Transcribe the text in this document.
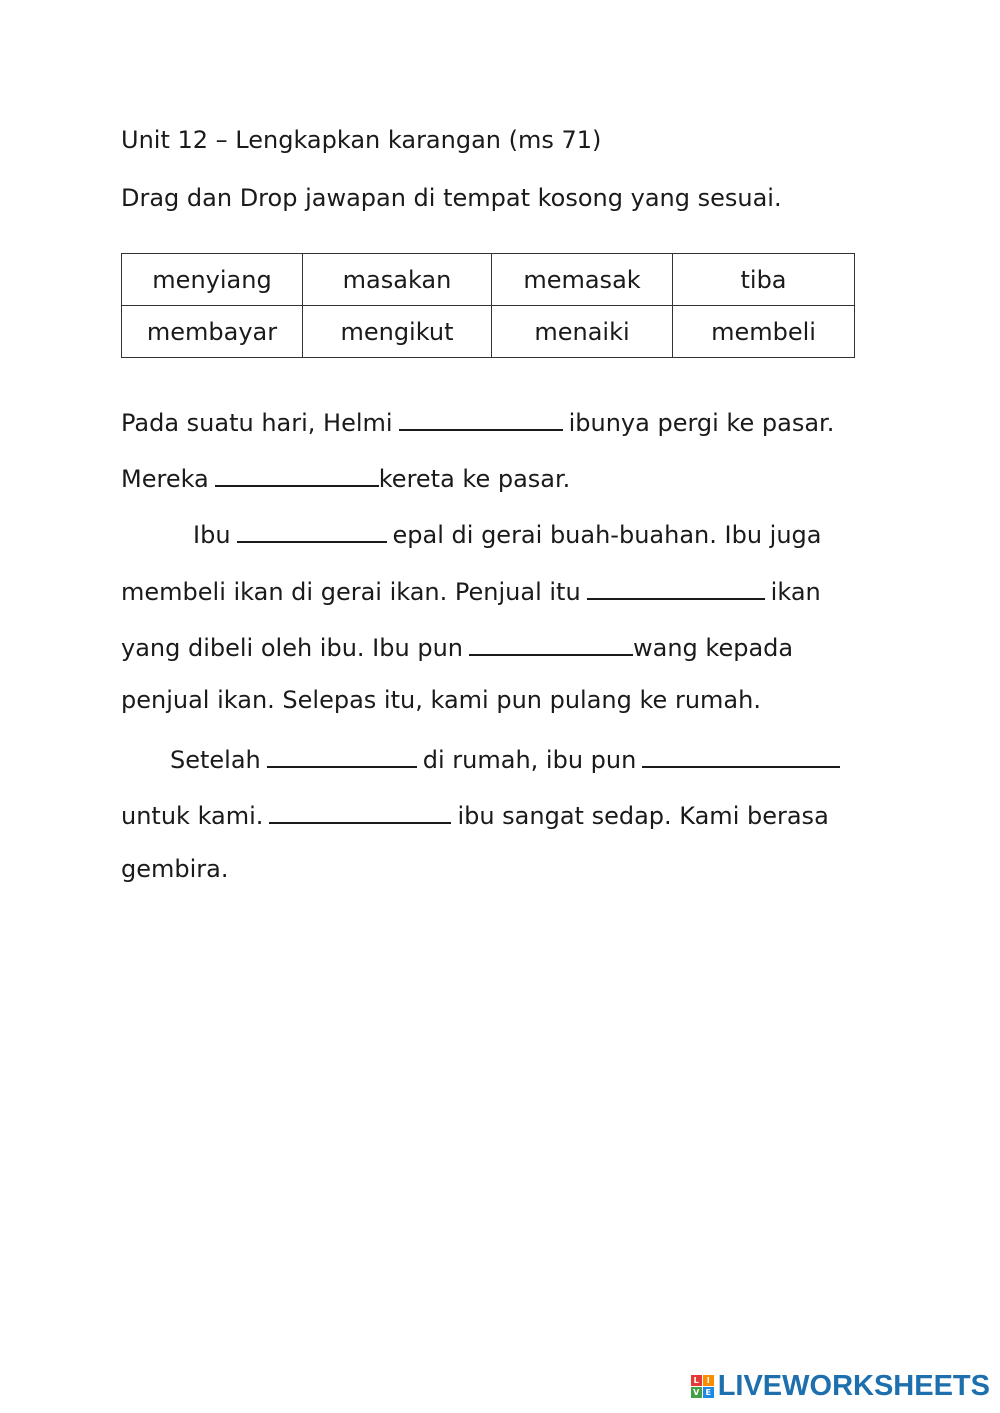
Unit 12 – Lengkapkan karangan (ms 71)
Drag dan Drop jawapan di tempat kosong yang sesuai.
menyiang	masakan	memasak	tiba
membayar	mengikut	menaiki	membeli
Pada suatu hari, Helmi	ibunya pergi ke pasar.
Mereka	kereta ke pasar.
Ibu	epal di gerai buah-buahan. Ibu juga
membeli ikan di gerai ikan. Penjual itu	ikan
yang dibeli oleh ibu. Ibu pun	wang kepada
penjual ikan. Selepas itu, kami pun pulang ke rumah.
Setelah	di rumah, ibu pun
untuk kami.	ibu sangat sedap. Kami berasa
gembira.
L I
V E LIVEWORKSHEETS
